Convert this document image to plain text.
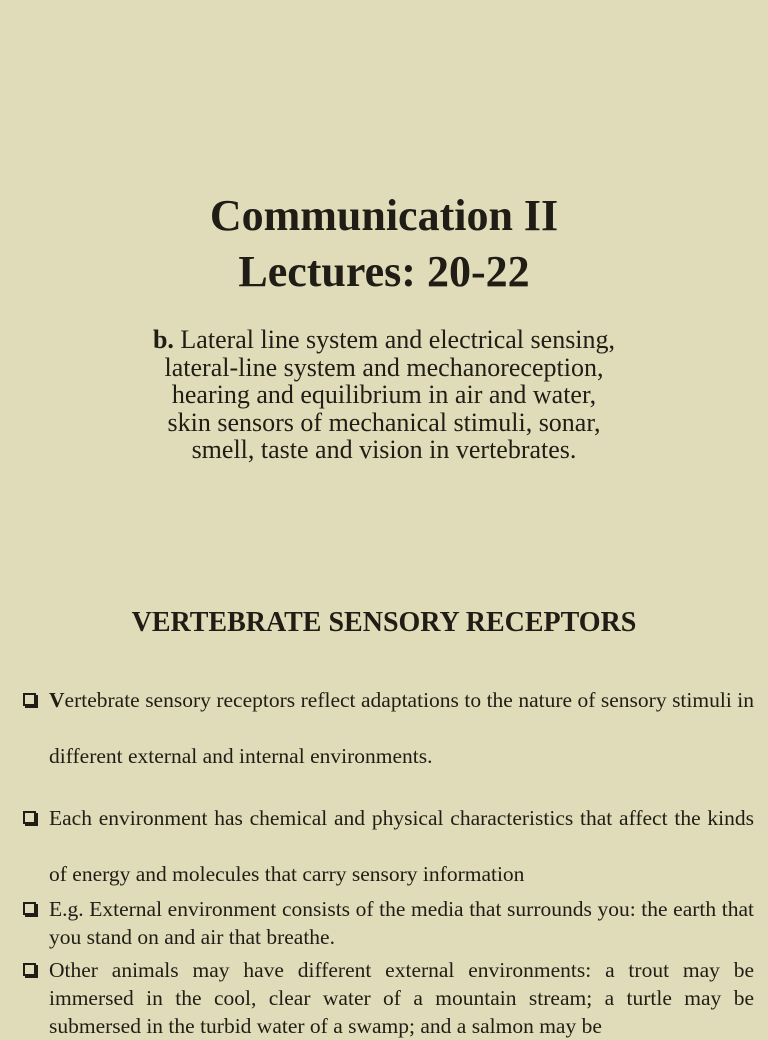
Communication II
Lectures: 20-22
b. Lateral line system and electrical sensing,
lateral-line system and mechanoreception,
hearing and equilibrium in air and water,
skin sensors of mechanical stimuli, sonar,
smell, taste and vision in vertebrates.
VERTEBRATE SENSORY RECEPTORS
Vertebrate sensory receptors reflect adaptations to the nature of sensory stimuli in different external and internal environments.
Each environment has chemical and physical characteristics that affect the kinds of energy and molecules that carry sensory information
E.g. External environment consists of the media that surrounds you: the earth that you stand on and air that breathe.
Other animals may have different external environments: a trout may be immersed in the cool, clear water of a mountain stream; a turtle may be submersed in the turbid water of a swamp; and a salmon may be
